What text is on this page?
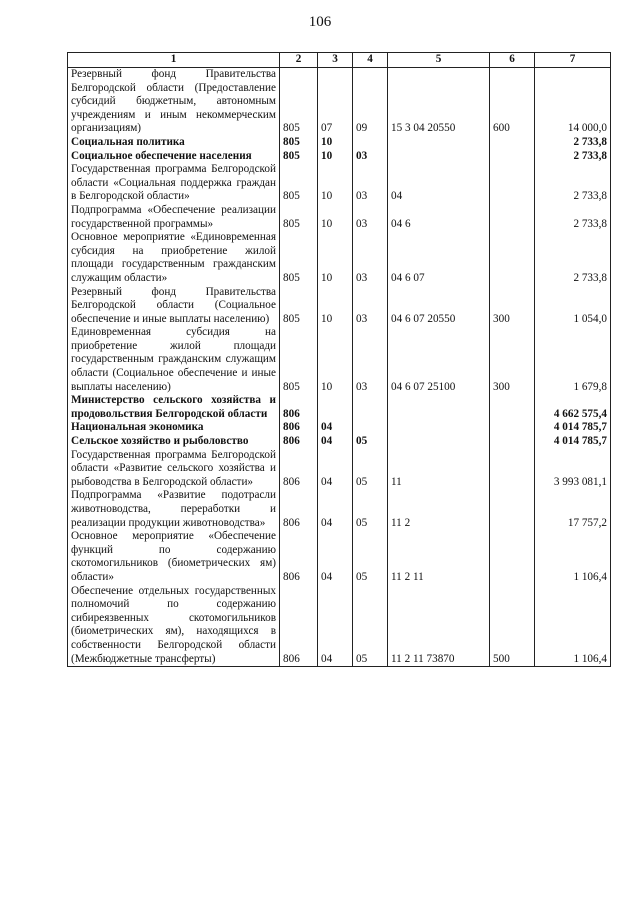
106
1	2	3	4	5	6	7
Резервный фонд Правительства Белгородской области (Предоставление субсидий бюджетным, автономным учреждениям и иным некоммерческим организациям)	805	07	09	15 3 04 20550	600	14 000,0
Социальная политика	805	10				2 733,8
Социальное обеспечение населения	805	10	03			2 733,8
Государственная программа Белгородской области «Социальная поддержка граждан в Белгородской области»	805	10	03	04		2 733,8
Подпрограмма «Обеспечение реализации государственной программы»	805	10	03	04 6		2 733,8
Основное мероприятие «Единовременная субсидия на приобретение жилой площади государственным гражданским служащим области»	805	10	03	04 6 07		2 733,8
Резервный фонд Правительства Белгородской области (Социальное обеспечение и иные выплаты населению)	805	10	03	04 6 07 20550	300	1 054,0
Единовременная субсидия на приобретение жилой площади государственным гражданским служащим области (Социальное обеспечение и иные выплаты населению)	805	10	03	04 6 07 25100	300	1 679,8
Министерство сельского хозяйства и продовольствия Белгородской области	806					4 662 575,4
Национальная экономика	806	04				4 014 785,7
Сельское хозяйство и рыболовство	806	04	05			4 014 785,7
Государственная программа Белгородской области «Развитие сельского хозяйства и рыбоводства в Белгородской области»	806	04	05	11		3 993 081,1
Подпрограмма «Развитие подотрасли животноводства, переработки и реализации продукции животноводства»	806	04	05	11 2		17 757,2
Основное мероприятие «Обеспечение функций по содержанию скотомогильников (биометрических ям) области»	806	04	05	11 2 11		1 106,4
Обеспечение отдельных государственных полномочий по содержанию сибиреязвенных скотомогильников (биометрических ям), находящихся в собственности Белгородской области (Межбюджетные трансферты)	806	04	05	11 2 11 73870	500	1 106,4
